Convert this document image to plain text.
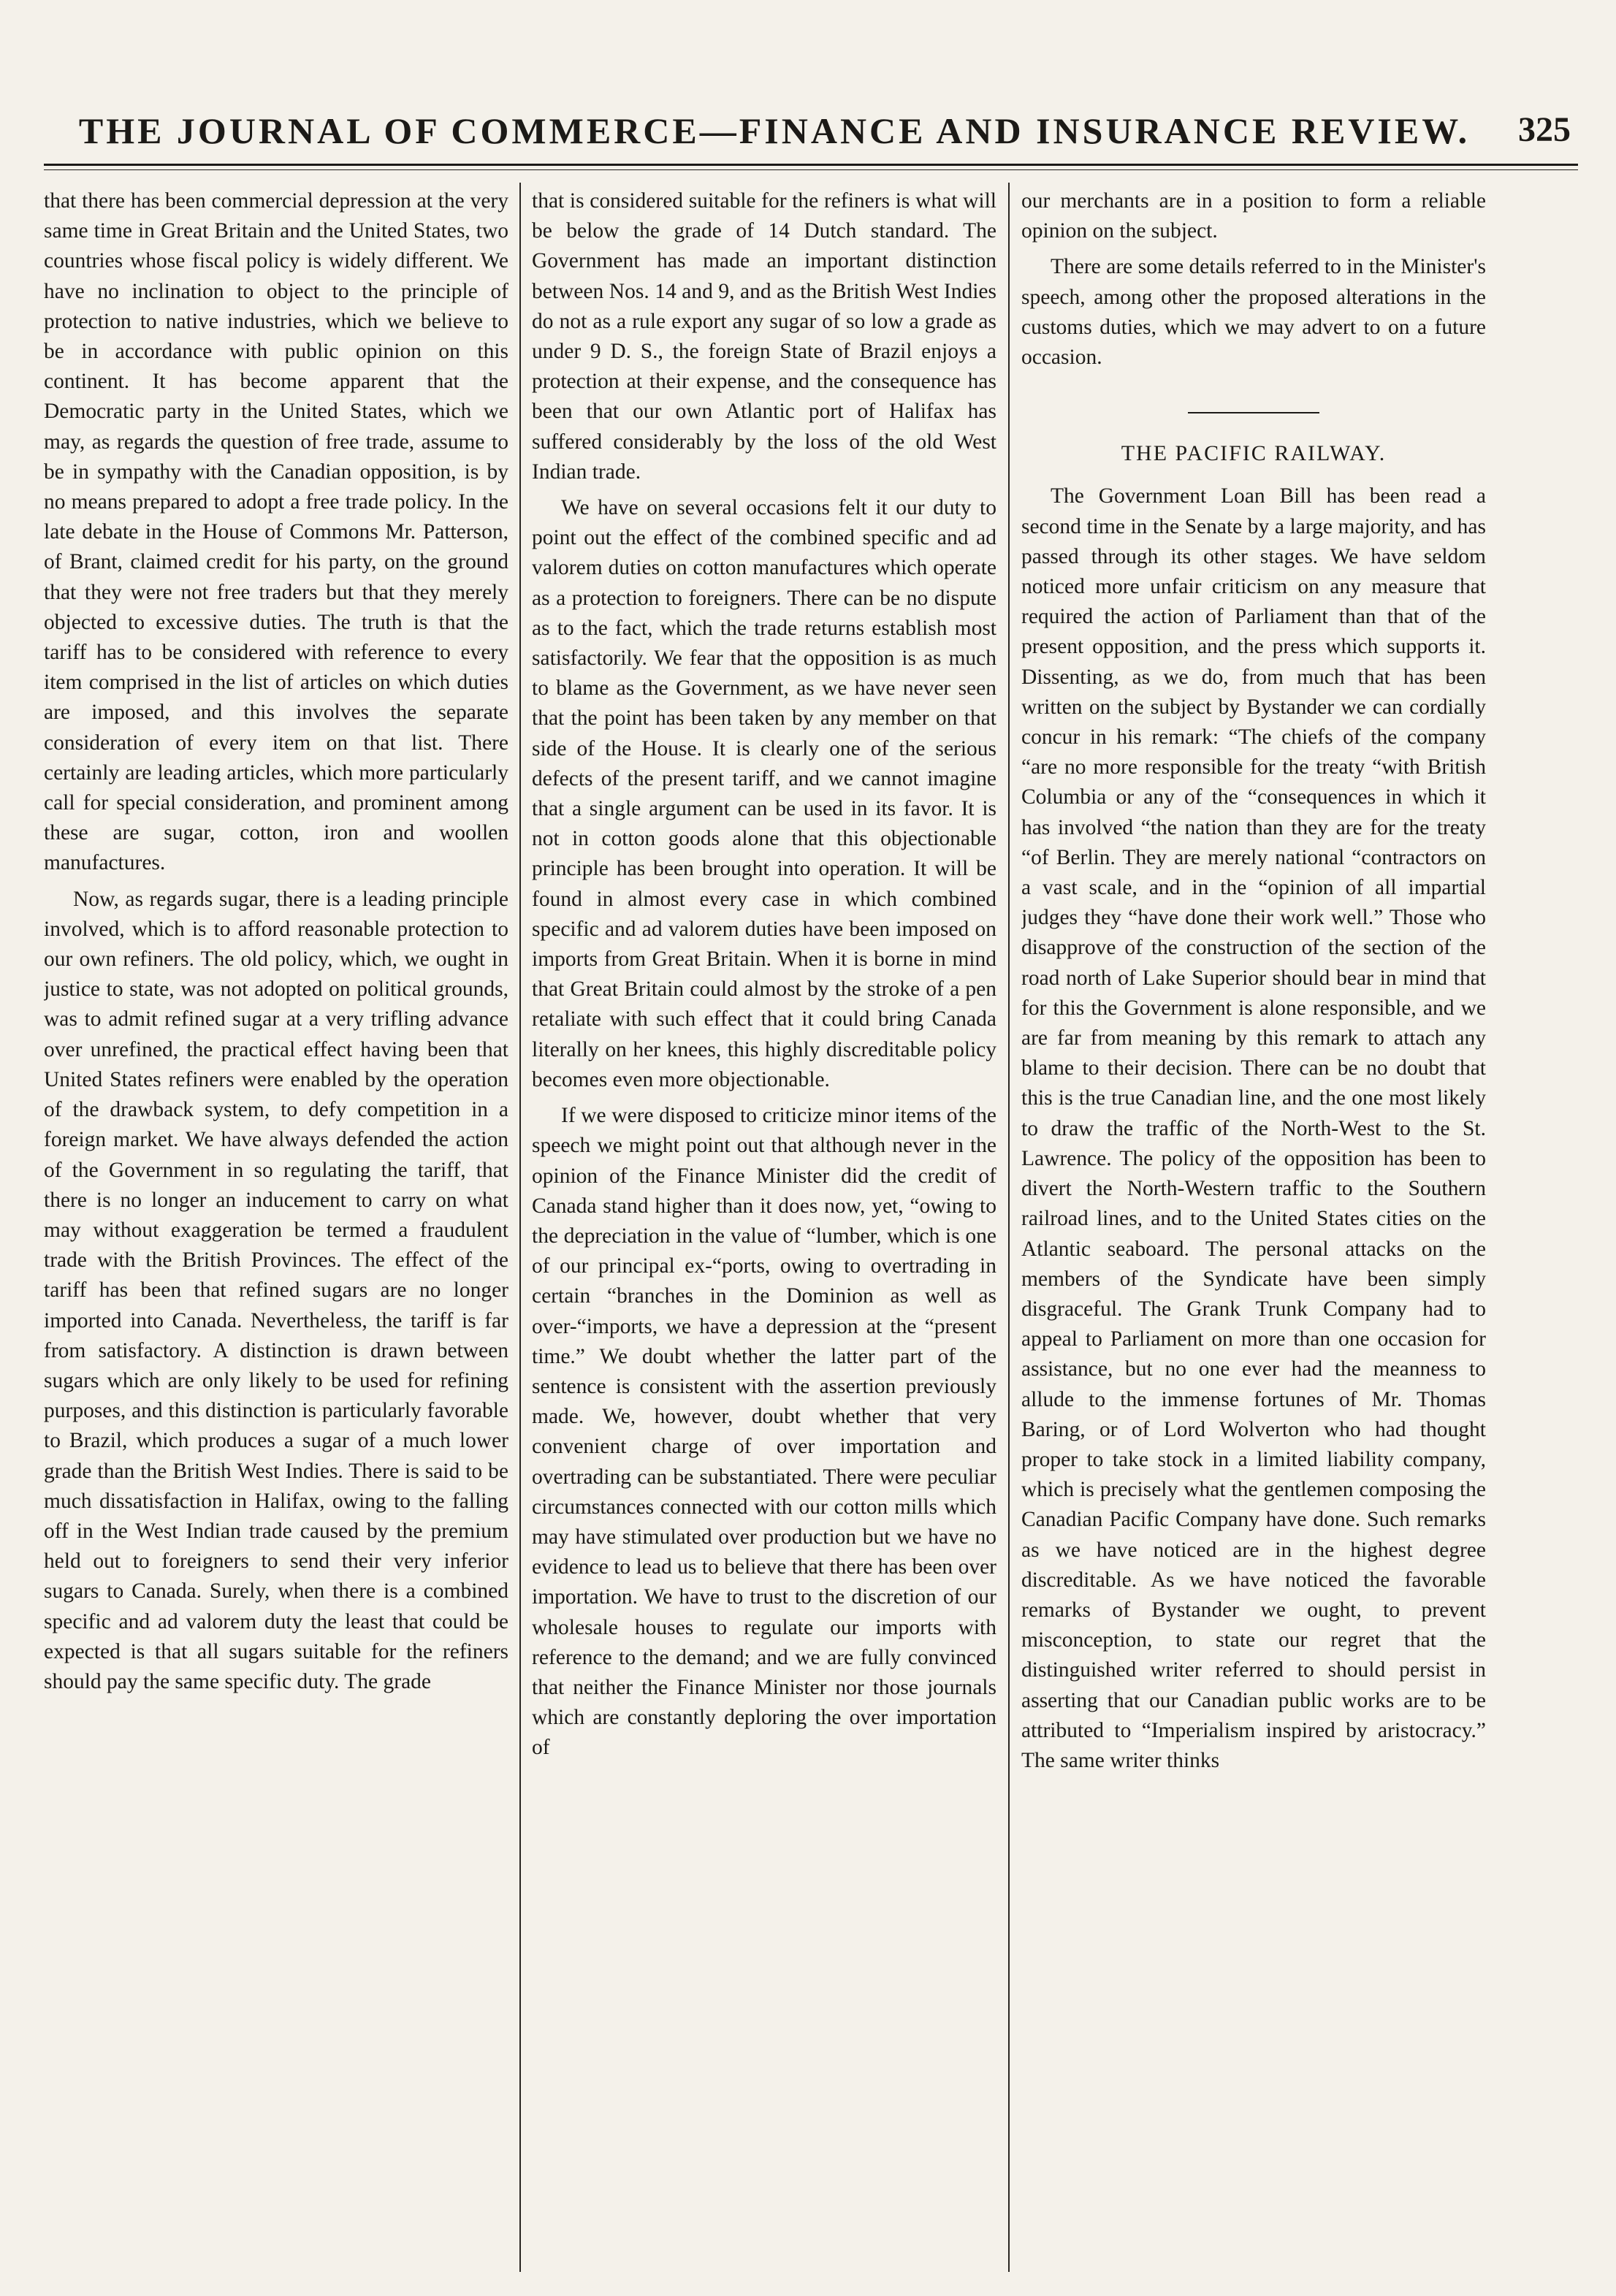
THE JOURNAL OF COMMERCE—FINANCE AND INSURANCE REVIEW.	325

that there has been commercial depression at the very same time in Great Britain and the United States, two countries whose fiscal policy is widely different. We have no inclination to object to the principle of protection to native industries, which we believe to be in accordance with public opinion on this continent. It has become apparent that the Democratic party in the United States, which we may, as regards the question of free trade, assume to be in sympathy with the Canadian opposition, is by no means prepared to adopt a free trade policy. In the late debate in the House of Commons Mr. Patterson, of Brant, claimed credit for his party, on the ground that they were not free traders but that they merely objected to excessive duties. The truth is that the tariff has to be considered with reference to every item comprised in the list of articles on which duties are imposed, and this involves the separate consideration of every item on that list. There certainly are leading articles, which more particularly call for special consideration, and prominent among these are sugar, cotton, iron and woollen manufactures.

Now, as regards sugar, there is a leading principle involved, which is to afford reasonable protection to our own refiners. The old policy, which, we ought in justice to state, was not adopted on political grounds, was to admit refined sugar at a very trifling advance over unrefined, the practical effect having been that United States refiners were enabled by the operation of the drawback system, to defy competition in a foreign market. We have always defended the action of the Government in so regulating the tariff, that there is no longer an inducement to carry on what may without exaggeration be termed a fraudulent trade with the British Provinces. The effect of the tariff has been that refined sugars are no longer imported into Canada. Nevertheless, the tariff is far from satisfactory. A distinction is drawn between sugars which are only likely to be used for refining purposes, and this distinction is particularly favorable to Brazil, which produces a sugar of a much lower grade than the British West Indies. There is said to be much dissatisfaction in Halifax, owing to the falling off in the West Indian trade caused by the premium held out to foreigners to send their very inferior sugars to Canada. Surely, when there is a combined specific and ad valorem duty the least that could be expected is that all sugars suitable for the refiners should pay the same specific duty. The grade

that is considered suitable for the refiners is what will be below the grade of 14 Dutch standard. The Government has made an important distinction between Nos. 14 and 9, and as the British West Indies do not as a rule export any sugar of so low a grade as under 9 D. S., the foreign State of Brazil enjoys a protection at their expense, and the consequence has been that our own Atlantic port of Halifax has suffered considerably by the loss of the old West Indian trade.

We have on several occasions felt it our duty to point out the effect of the combined specific and ad valorem duties on cotton manufactures which operate as a protection to foreigners. There can be no dispute as to the fact, which the trade returns establish most satisfactorily. We fear that the opposition is as much to blame as the Government, as we have never seen that the point has been taken by any member on that side of the House. It is clearly one of the serious defects of the present tariff, and we cannot imagine that a single argument can be used in its favor. It is not in cotton goods alone that this objectionable principle has been brought into operation. It will be found in almost every case in which combined specific and ad valorem duties have been imposed on imports from Great Britain. When it is borne in mind that Great Britain could almost by the stroke of a pen retaliate with such effect that it could bring Canada literally on her knees, this highly discreditable policy becomes even more objectionable.

If we were disposed to criticize minor items of the speech we might point out that although never in the opinion of the Finance Minister did the credit of Canada stand higher than it does now, yet, “owing to the depreciation in the value of “lumber, which is one of our principal ex-“ports, owing to overtrading in certain “branches in the Dominion as well as over-“imports, we have a depression at the “present time.” We doubt whether the latter part of the sentence is consistent with the assertion previously made. We, however, doubt whether that very convenient charge of over importation and overtrading can be substantiated. There were peculiar circumstances connected with our cotton mills which may have stimulated over production but we have no evidence to lead us to believe that there has been over importation. We have to trust to the discretion of our wholesale houses to regulate our imports with reference to the demand; and we are fully convinced that neither the Finance Minister nor those journals which are constantly deploring the over importation of

our merchants are in a position to form a reliable opinion on the subject.

There are some details referred to in the Minister's speech, among other the proposed alterations in the customs duties, which we may advert to on a future occasion.

THE PACIFIC RAILWAY.

The Government Loan Bill has been read a second time in the Senate by a large majority, and has passed through its other stages. We have seldom noticed more unfair criticism on any measure that required the action of Parliament than that of the present opposition, and the press which supports it. Dissenting, as we do, from much that has been written on the subject by Bystander we can cordially concur in his remark: “The chiefs of the company “are no more responsible for the treaty “with British Columbia or any of the “consequences in which it has involved “the nation than they are for the treaty “of Berlin. They are merely national “contractors on a vast scale, and in the “opinion of all impartial judges they “have done their work well.” Those who disapprove of the construction of the section of the road north of Lake Superior should bear in mind that for this the Government is alone responsible, and we are far from meaning by this remark to attach any blame to their decision. There can be no doubt that this is the true Canadian line, and the one most likely to draw the traffic of the North-West to the St. Lawrence. The policy of the opposition has been to divert the North-Western traffic to the Southern railroad lines, and to the United States cities on the Atlantic seaboard. The personal attacks on the members of the Syndicate have been simply disgraceful. The Grank Trunk Company had to appeal to Parliament on more than one occasion for assistance, but no one ever had the meanness to allude to the immense fortunes of Mr. Thomas Baring, or of Lord Wolverton who had thought proper to take stock in a limited liability company, which is precisely what the gentlemen composing the Canadian Pacific Company have done. Such remarks as we have noticed are in the highest degree discreditable. As we have noticed the favorable remarks of Bystander we ought, to prevent misconception, to state our regret that the distinguished writer referred to should persist in asserting that our Canadian public works are to be attributed to “Imperialism inspired by aristocracy.” The same writer thinks
